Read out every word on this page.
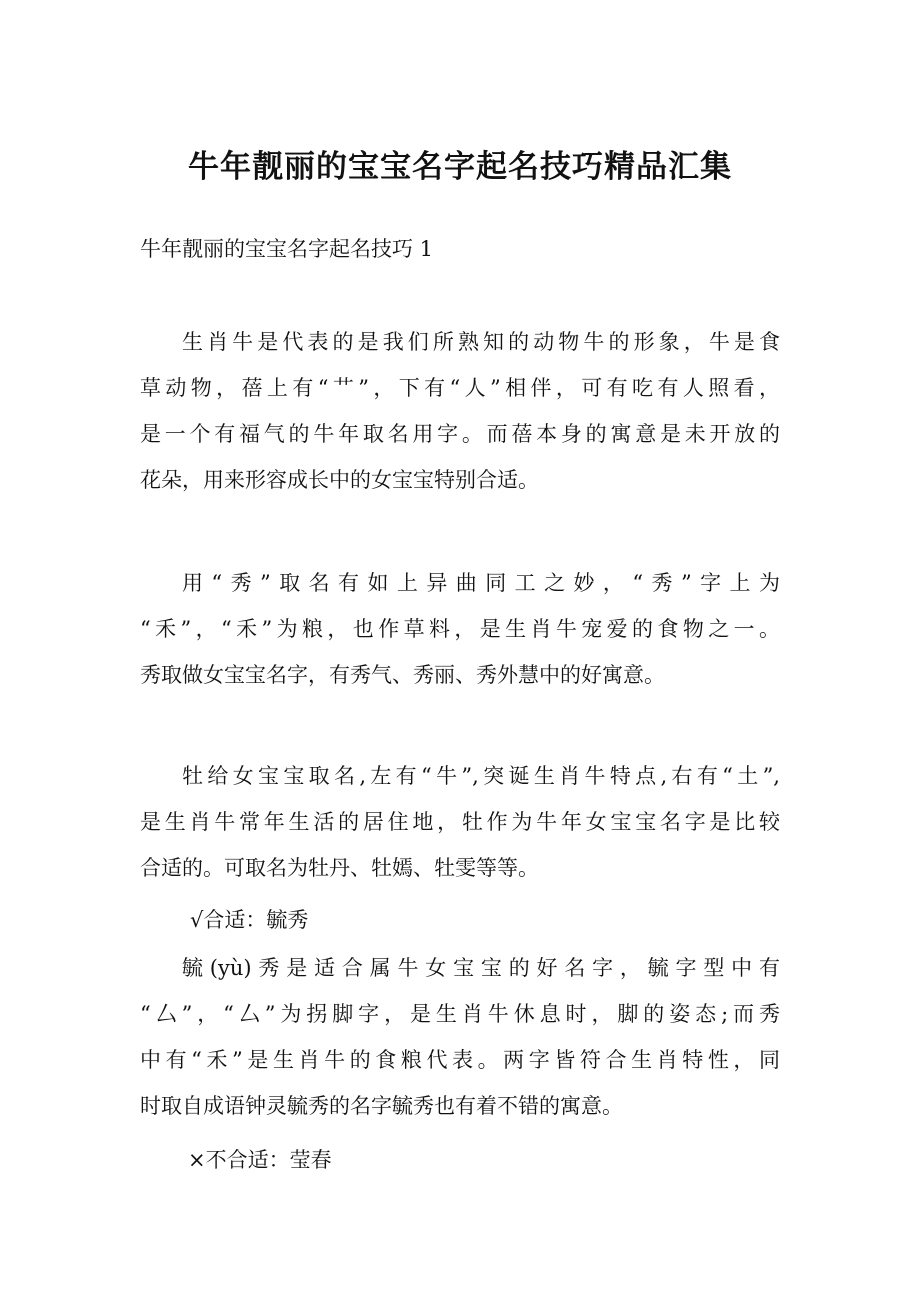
牛年靓丽的宝宝名字起名技巧精品汇集

牛年靓丽的宝宝名字起名技巧 1

生肖牛是代表的是我们所熟知的动物牛的形象，牛是食
草动物，蓓上有“艹”，下有“人”相伴，可有吃有人照看，
是一个有福气的牛年取名用字。而蓓本身的寓意是未开放的
花朵，用来形容成长中的女宝宝特别合适。
用“秀”取名有如上异曲同工之妙，“秀”字上为
“禾”，“禾”为粮，也作草料，是生肖牛宠爱的食物之一。
秀取做女宝宝名字，有秀气、秀丽、秀外慧中的好寓意。
牡给女宝宝取名,左有“牛”,突诞生肖牛特点,右有“土”,
是生肖牛常年生活的居住地，牡作为牛年女宝宝名字是比较
合适的。可取名为牡丹、牡嫣、牡雯等等。

√合适：毓秀

毓(yù)秀是适合属牛女宝宝的好名字，毓字型中有
“厶”，“厶”为拐脚字，是生肖牛休息时，脚的姿态;而秀
中有“禾”是生肖牛的食粮代表。两字皆符合生肖特性，同
时取自成语钟灵毓秀的名字毓秀也有着不错的寓意。

×不合适：莹春
